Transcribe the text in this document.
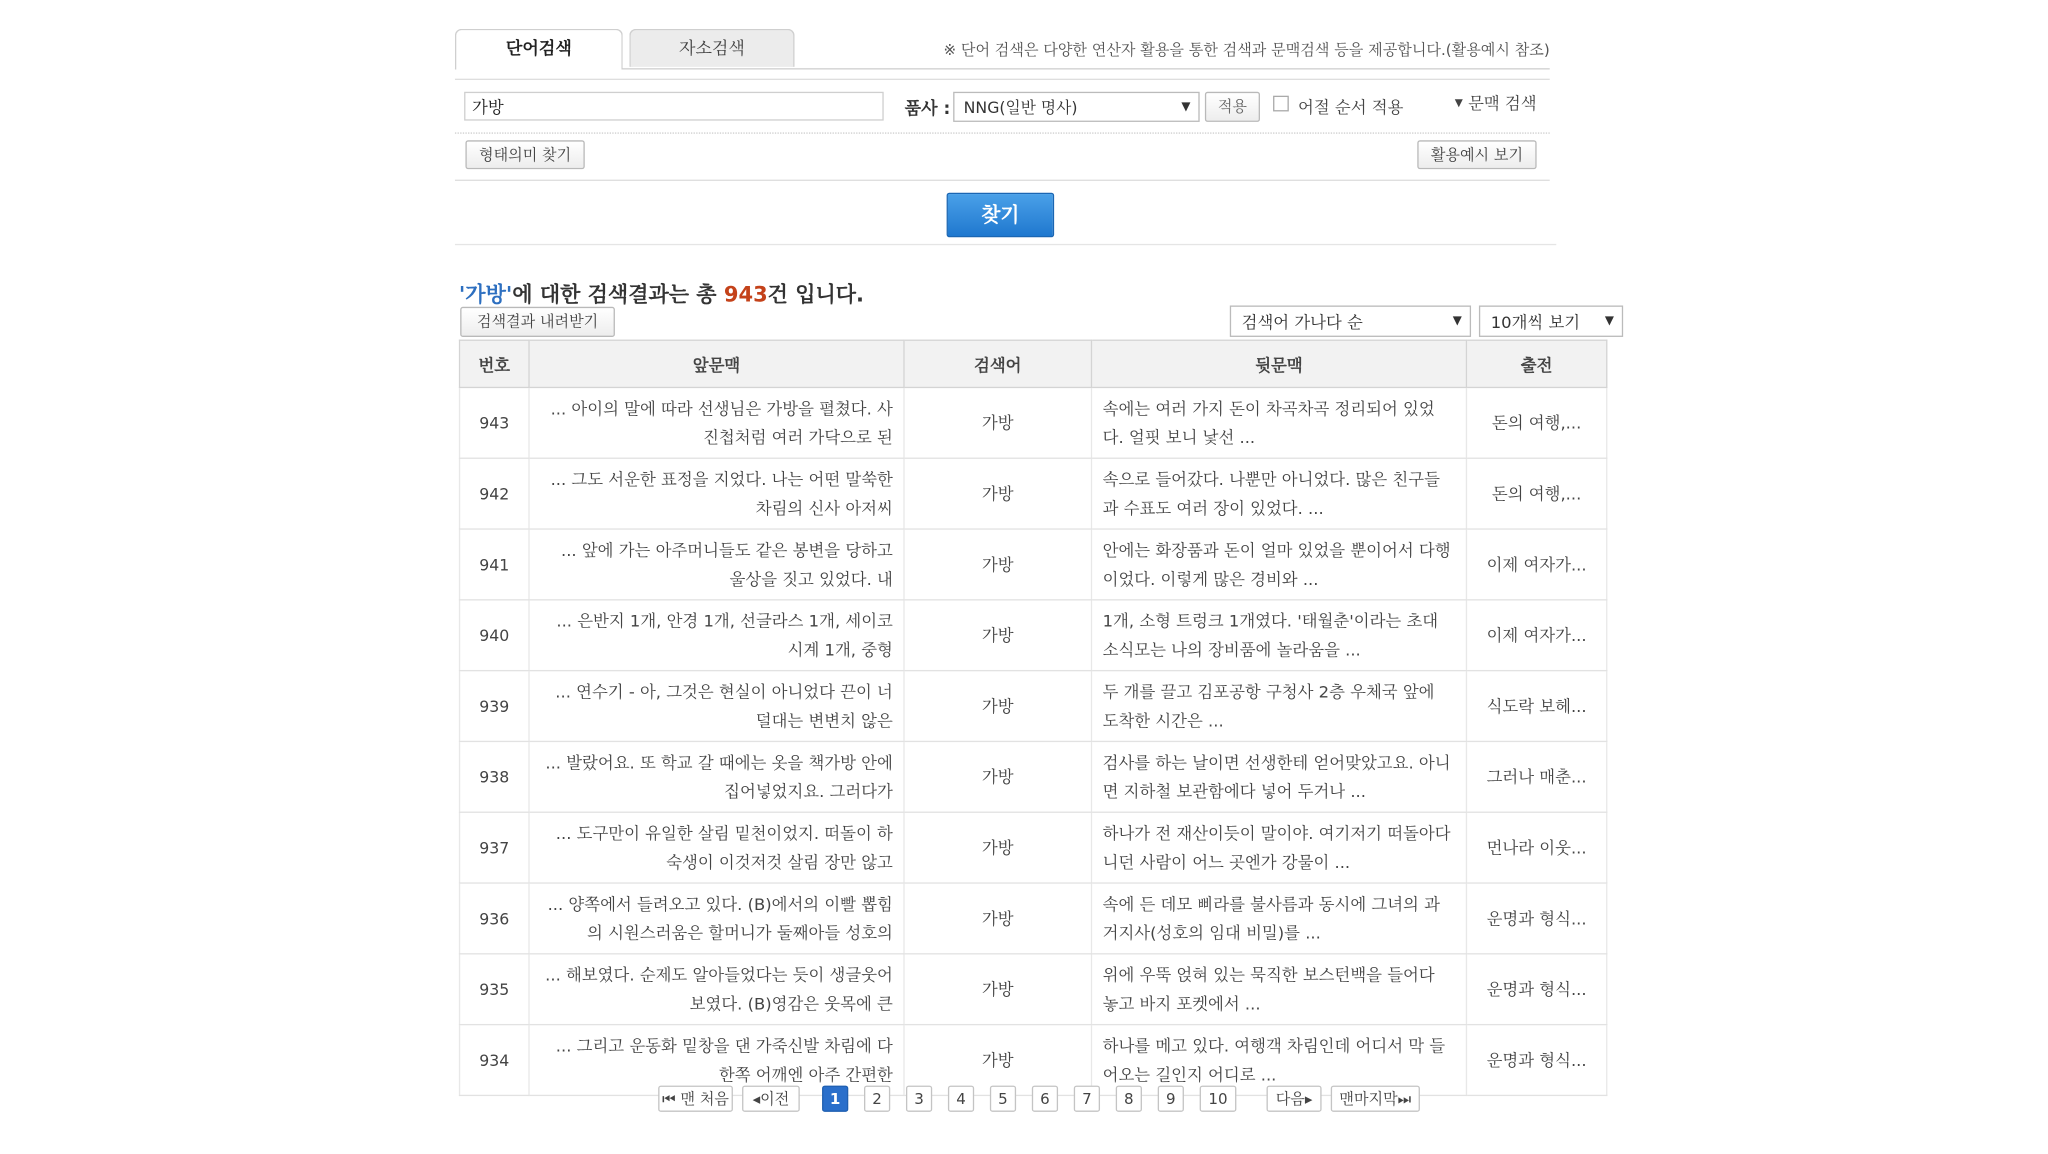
단어검색	자소검색	※ 단어 검색은 다양한 연산자 활용을 통한 검색과 문맥검색 등을 제공합니다.(활용예시 참조)
가방	품사 :	NNG(일반 명사)	▼	적용	어절 순서 적용	▼ 문맥 검색
형태의미 찾기	활용예시 보기
찾기
'가방'에 대한 검색결과는 총 943건 입니다.
검색결과 내려받기	검색어 가나다 순	▼	10개씩 보기	▼
번호	앞문맥	검색어	뒷문맥	출전
943	... 아이의 말에 따라 선생님은 가방을 펼쳤다. 사진첩처럼 여러 가닥으로 된	가방	속에는 여러 가지 돈이 차곡차곡 정리되어 있었다. 얼핏 보니 낯선 ...	돈의 여행,...
942	... 그도 서운한 표정을 지었다. 나는 어떤 말쑥한 차림의 신사 아저씨	가방	속으로 들어갔다. 나뿐만 아니었다. 많은 친구들과 수표도 여러 장이 있었다. ...	돈의 여행,...
941	... 앞에 가는 아주머니들도 같은 봉변을 당하고 울상을 짓고 있었다. 내	가방	안에는 화장품과 돈이 얼마 있었을 뿐이어서 다행이었다. 이렇게 많은 경비와 ...	이제 여자가...
940	... 은반지 1개, 안경 1개, 선글라스 1개, 세이코 시계 1개, 중형	가방	1개, 소형 트렁크 1개였다. '태월춘'이라는 초대 소식모는 나의 장비품에 놀라움을 ...	이제 여자가...
939	... 연수기 - 아, 그것은 현실이 아니었다 끈이 너덜대는 변변치 않은	가방	두 개를 끌고 김포공항 구청사 2층 우체국 앞에 도착한 시간은 ...	식도락 보헤...
938	... 발랐어요. 또 학교 갈 때에는 옷을 책가방 안에 집어넣었지요. 그러다가	가방	검사를 하는 날이면 선생한테 얻어맞았고요. 아니면 지하철 보관함에다 넣어 두거나 ...	그러나 매춘...
937	... 도구만이 유일한 살림 밑천이었지. 떠돌이 하숙생이 이것저것 살림 장만 않고	가방	하나가 전 재산이듯이 말이야. 여기저기 떠돌아다니던 사람이 어느 곳엔가 강물이 ...	먼나라 이웃...
936	... 양쪽에서 들려오고 있다. (B)에서의 이빨 뽑힘의 시원스러움은 할머니가 둘째아들 성호의	가방	속에 든 데모 삐라를 불사름과 동시에 그녀의 과거지사(성호의 임대 비밀)를 ...	운명과 형식...
935	... 해보였다. 순제도 알아들었다는 듯이 생글웃어 보였다. (B)영감은 웃목에 큰	가방	위에 우뚝 얹혀 있는 묵직한 보스턴백을 들어다 놓고 바지 포켓에서 ...	운명과 형식...
934	... 그리고 운동화 밑창을 댄 가죽신발 차림에 다 한쪽 어깨엔 아주 간편한	가방	하나를 메고 있다. 여행객 차림인데 어디서 막 들어오는 길인지 어디로 ...	운명과 형식...
⏮ 맨 처음	◂이전	다음▸	맨마지막⏭
1	2	3	4	5	6	7	8	9	10
